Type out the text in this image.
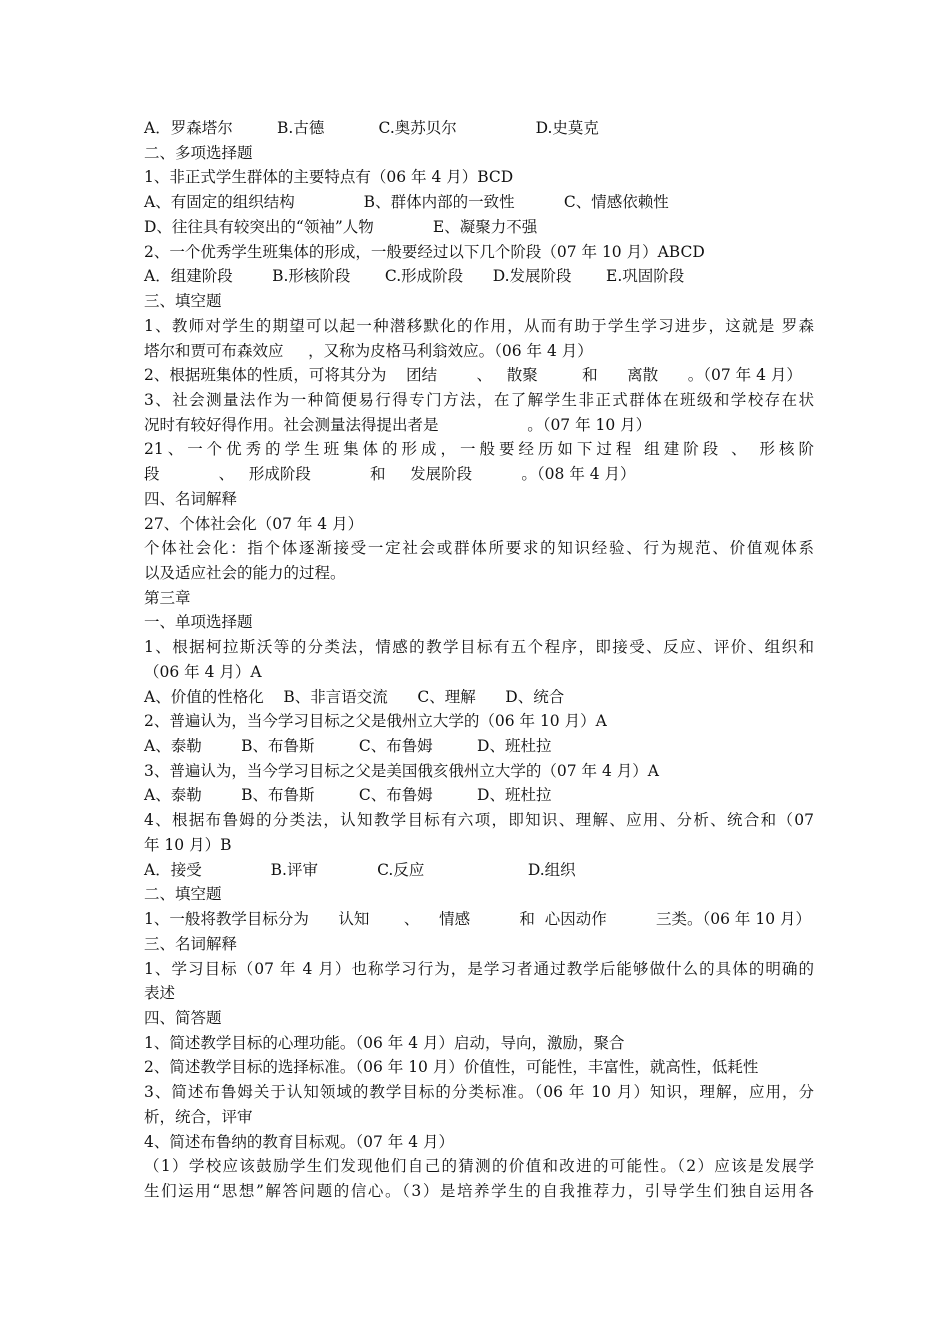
A．罗森塔尔         B.古德           C.奥苏贝尔                D.史莫克
二、多项选择题
1、非正式学生群体的主要特点有（06 年 4 月）BCD
A、有固定的组织结构              B、群体内部的一致性          C、情感依赖性
D、往往具有较突出的“领袖”人物            E、凝聚力不强
2、一个优秀学生班集体的形成，一般要经过以下几个阶段（07 年 10 月）ABCD
A．组建阶段        B.形核阶段       C.形成阶段      D.发展阶段       E.巩固阶段
三、填空题
1、教师对学生的期望可以起一种潜移默化的作用，从而有助于学生学习进步，这就是 罗森
塔尔和贾可布森效应     ，又称为皮格马利翁效应。（06 年 4 月）
2、根据班集体的性质，可将其分为    团结        、   散聚         和      离散      。（07 年 4 月）
3、社会测量法作为一种简便易行得专门方法，在了解学生非正式群体在班级和学校存在状
况时有较好得作用。社会测量法得提出者是                  。（07 年 10 月）
21、一个优秀的学生班集体的形成，一般要经历如下过程 组建阶段 、 形核阶
段            、   形成阶段            和     发展阶段          。（08 年 4 月）
四、名词解释
27、个体社会化（07 年 4 月）
个体社会化：指个体逐渐接受一定社会或群体所要求的知识经验、行为规范、价值观体系
以及适应社会的能力的过程。
第三章
一、单项选择题
1、根据柯拉斯沃等的分类法，情感的教学目标有五个程序，即接受、反应、评价、组织和
（06 年 4 月）A
A、价值的性格化    B、非言语交流      C、理解      D、统合
2、普遍认为，当今学习目标之父是俄州立大学的（06 年 10 月）A
A、泰勒        B、布鲁斯         C、布鲁姆         D、班杜拉
3、普遍认为，当今学习目标之父是美国俄亥俄州立大学的（07 年 4 月）A
A、泰勒        B、布鲁斯         C、布鲁姆         D、班杜拉
4、根据布鲁姆的分类法，认知教学目标有六项，即知识、理解、应用、分析、统合和（07
年 10 月）B
A．接受              B.评审            C.反应                     D.组织
二、填空题
1、一般将教学目标分为      认知       、    情感          和  心因动作          三类。（06 年 10 月）
三、名词解释
1、学习目标（07 年 4 月）也称学习行为，是学习者通过教学后能够做什么的具体的明确的
表述
四、简答题
1、简述教学目标的心理功能。（06 年 4 月）启动，导向，激励，聚合
2、简述教学目标的选择标准。（06 年 10 月）价值性，可能性，丰富性，就高性，低耗性
3、简述布鲁姆关于认知领域的教学目标的分类标准。（06 年 10 月）知识，理解，应用，分
析，统合，评审
4、简述布鲁纳的教育目标观。（07 年 4 月）
（1）学校应该鼓励学生们发现他们自己的猜测的价值和改进的可能性。（2）应该是发展学
生们运用“思想”解答问题的信心。（3）是培养学生的自我推荐力，引导学生们独自运用各
